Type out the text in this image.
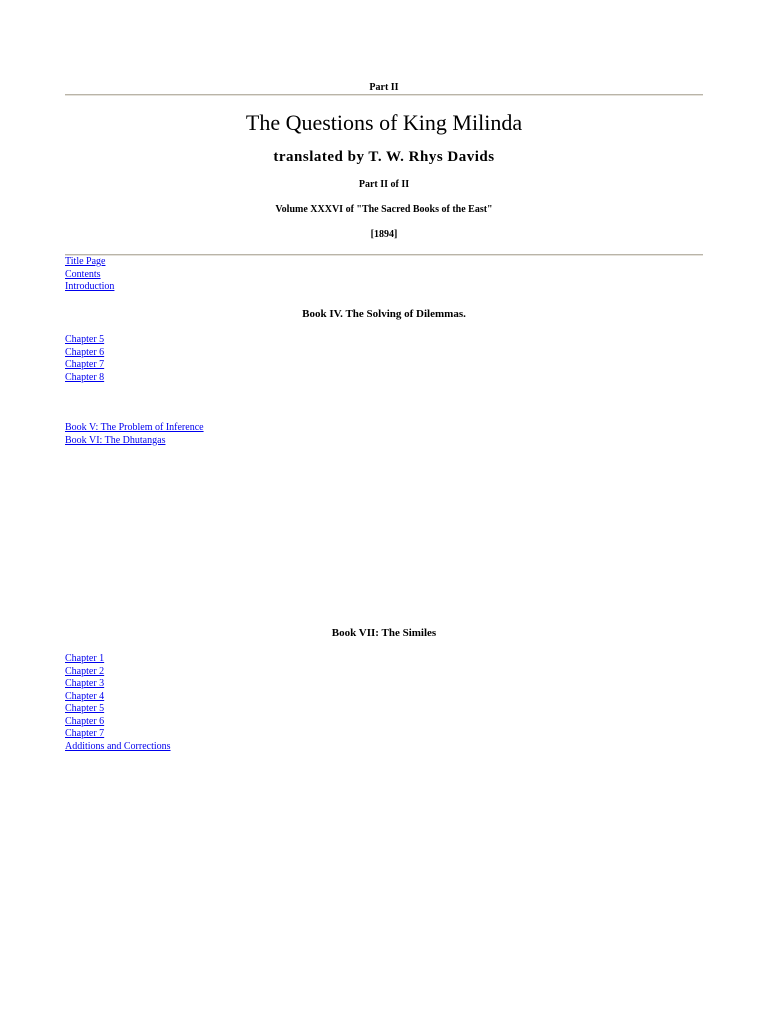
Part II
The Questions of King Milinda
translated by T. W. Rhys Davids
Part II of II
Volume XXXVI of "The Sacred Books of the East"
[1894]
Title Page
Contents
Introduction
Book IV. The Solving of Dilemmas.
Chapter 5
Chapter 6
Chapter 7
Chapter 8
Book V: The Problem of Inference
Book VI: The Dhutangas
Book VII: The Similes
Chapter 1
Chapter 2
Chapter 3
Chapter 4
Chapter 5
Chapter 6
Chapter 7
Additions and Corrections
